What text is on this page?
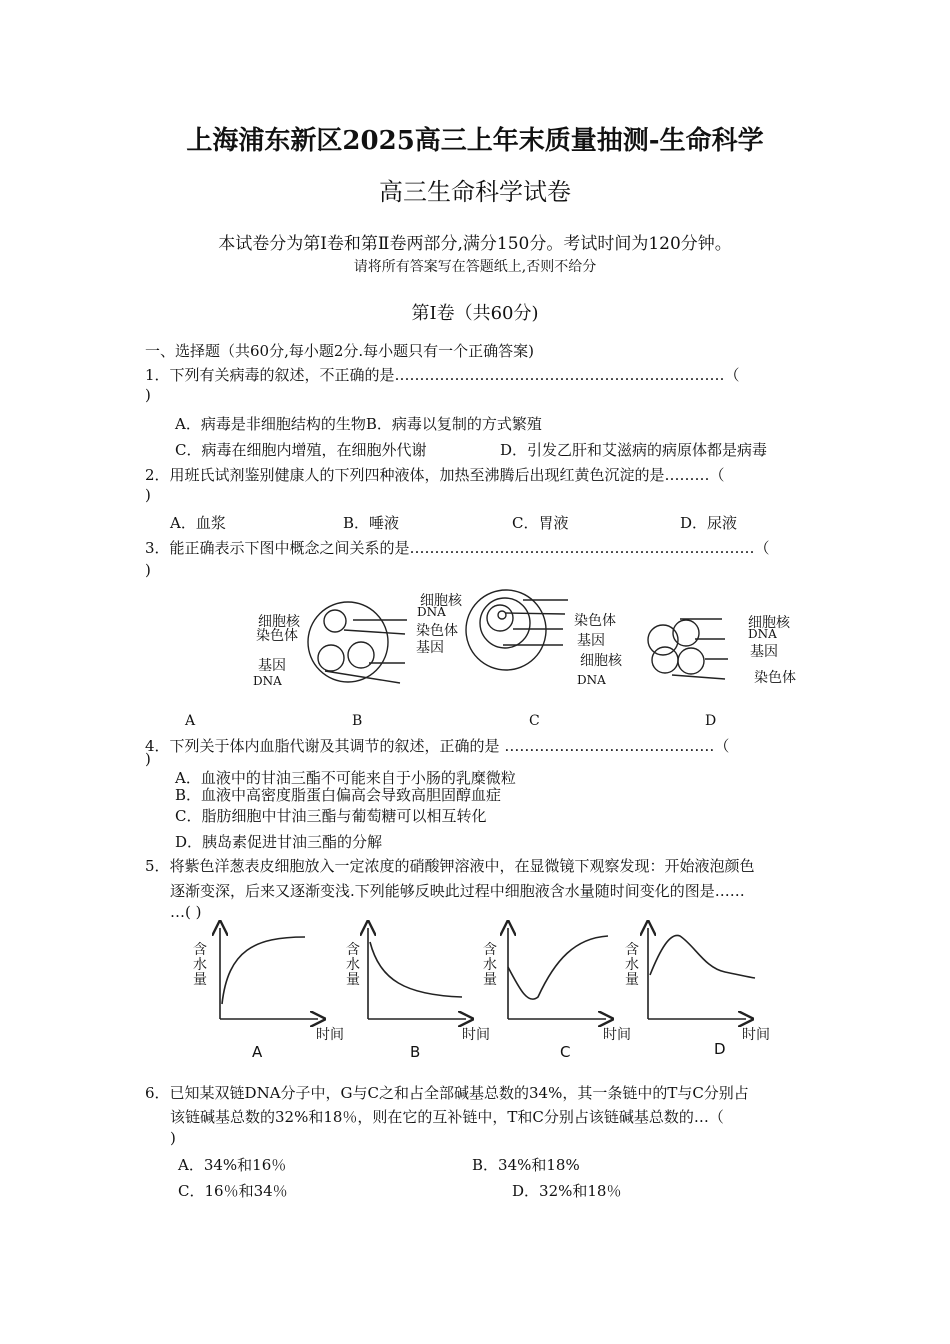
上海浦东新区2025高三上年末质量抽测-生命科学
高三生命科学试卷
本试卷分为第Ⅰ卷和第Ⅱ卷两部分,满分150分。考试时间为120分钟。
请将所有答案写在答题纸上,否则不给分
第Ⅰ卷（共60分)
一、选择题（共60分,每小题2分.每小题只有一个正确答案)
1．下列有关病毒的叙述，不正确的是…………………………………………………………（
)
A．病毒是非细胞结构的生物B．病毒以复制的方式繁殖
C．病毒在细胞内增殖，在细胞外代谢	D．引发乙肝和艾滋病的病原体都是病毒
2．用班氏试剂鉴别健康人的下列四种液体，加热至沸腾后出现红黄色沉淀的是………（
)
A．血浆	B．唾液	C．胃液	D．尿液
3．能正确表示下图中概念之间关系的是……………………………………………………………（
)
细胞核
染色体
基因
DNA
细胞核
DNA
染色体
基因
染色体
基因
细胞核
DNA
细胞核
DNA
基因
染色体
A	B	C	D
4．下列关于体内血脂代谢及其调节的叙述，正确的是 ……………………………………（
)
A．血液中的甘油三酯不可能来自于小肠的乳糜微粒
B．血液中高密度脂蛋白偏高会导致高胆固醇血症
C．脂肪细胞中甘油三酯与葡萄糖可以相互转化
D．胰岛素促进甘油三酯的分解
5．将紫色洋葱表皮细胞放入一定浓度的硝酸钾溶液中，在显微镜下观察发现：开始液泡颜色
逐渐变深，后来又逐渐变浅.下列能够反映此过程中细胞液含水量随时间变化的图是……
…( )
含
水
量
含
水
量
含
水
量
含
水
量
时间	时间	时间	时间
A	B	C	D
6．已知某双链DNA分子中，G与C之和占全部碱基总数的34%，其一条链中的T与C分别占
该链碱基总数的32%和18％，则在它的互补链中，T和C分别占该链碱基总数的…（
)
A．34%和16％	B．34%和18%
C．16％和34％	D．32%和18％
